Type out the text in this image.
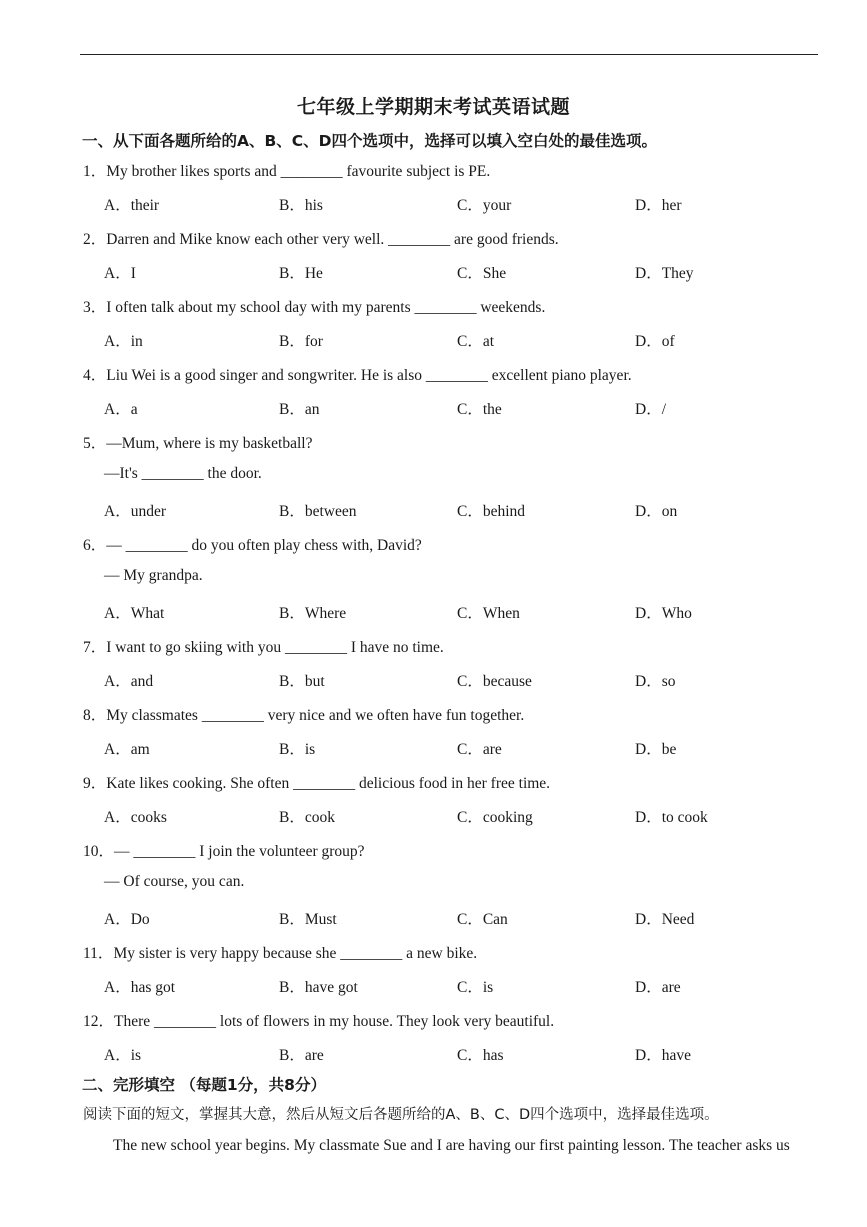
七年级上学期期末考试英语试题
一、从下面各题所给的A、B、C、D四个选项中，选择可以填入空白处的最佳选项。
1．My brother likes sports and ________ favourite subject is PE.
A．their	B．his	C．your	D．her
2．Darren and Mike know each other very well. ________ are good friends.
A．I	B．He	C．She	D．They
3．I often talk about my school day with my parents ________ weekends.
A．in	B．for	C．at	D．of
4．Liu Wei is a good singer and songwriter. He is also ________ excellent piano player.
A．a	B．an	C．the	D．/
5．—Mum, where is my basketball?
—It's ________ the door.
A．under	B．between	C．behind	D．on
6．— ________ do you often play chess with, David?
— My grandpa.
A．What	B．Where	C．When	D．Who
7．I want to go skiing with you ________ I have no time.
A．and	B．but	C．because	D．so
8．My classmates ________ very nice and we often have fun together.
A．am	B．is	C．are	D．be
9．Kate likes cooking. She often ________ delicious food in her free time.
A．cooks	B．cook	C．cooking	D．to cook
10．— ________ I join the volunteer group?
— Of course, you can.
A．Do	B．Must	C．Can	D．Need
11．My sister is very happy because she ________ a new bike.
A．has got	B．have got	C．is	D．are
12．There ________ lots of flowers in my house. They look very beautiful.
A．is	B．are	C．has	D．have
二、完形填空 （每题1分，共8分）
阅读下面的短文，掌握其大意，然后从短文后各题所给的A、B、C、D四个选项中，选择最佳选项。
The new school year begins. My classmate Sue and I are having our first painting lesson. The teacher asks us
